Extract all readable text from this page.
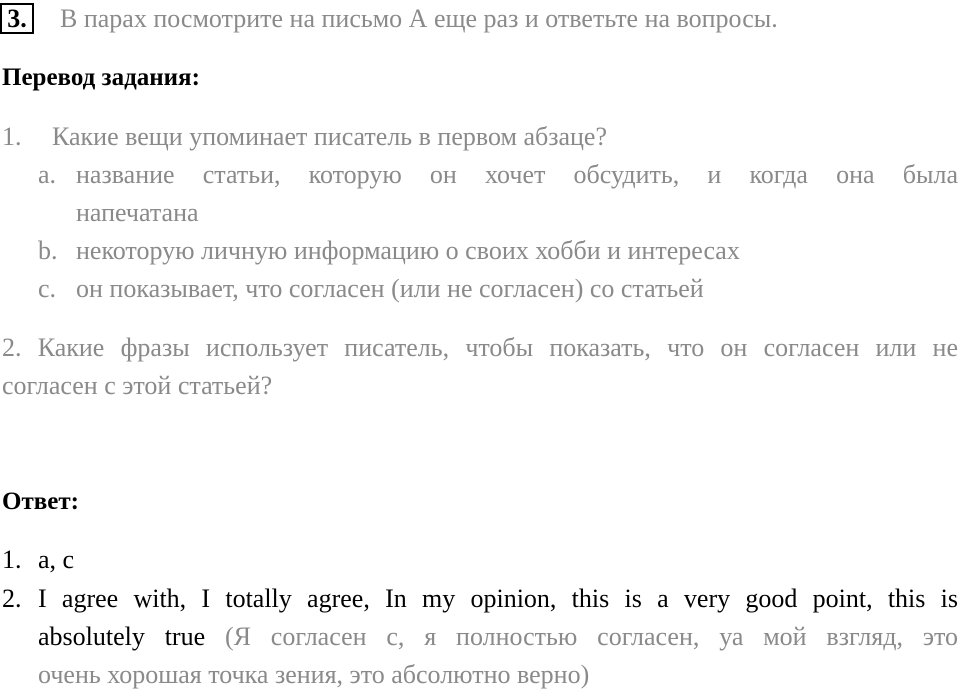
3. В парах посмотрите на письмо А еще раз и ответьте на вопросы.
Перевод задания:
1. Какие вещи упоминает писатель в первом абзаце?
a. название статьи, которую он хочет обсудить, и когда она была
напечатана
b. некоторую личную информацию о своих хобби и интересах
c. он показывает, что согласен (или не согласен) со статьей
2. Какие фразы использует писатель, чтобы показать, что он согласен или не
согласен с этой статьей?
Ответ:
1. a, c
2. I agree with, I totally agree, In my opinion, this is a very good point, this is
absolutely true (Я согласен с, я полностью согласен, уа мой взгляд, это
очень хорошая точка зения, это абсолютно верно)
